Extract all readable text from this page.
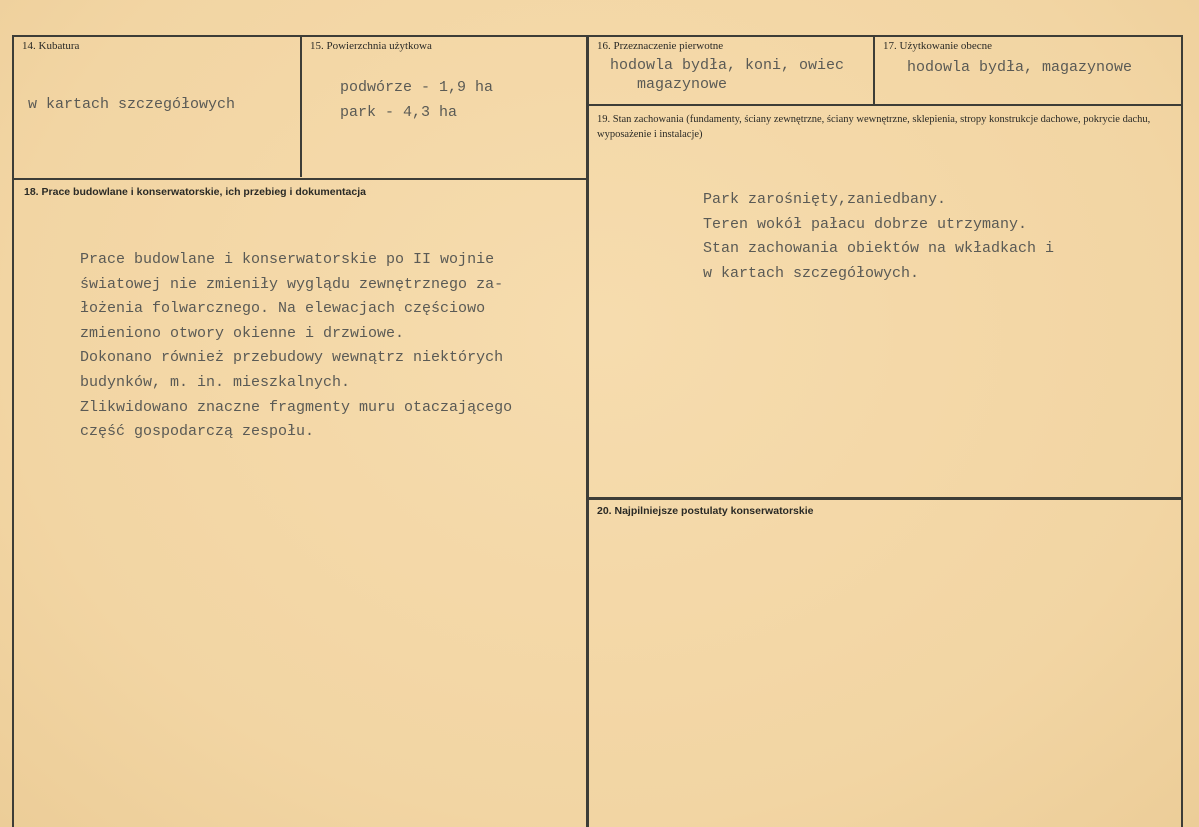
14. Kubatura
w kartach szczegółowych
15. Powierzchnia użytkowa
podwórze - 1,9 ha
park - 4,3 ha
16. Przeznaczenie pierwotne
hodowla bydła, koni, owiec
magazynowe
17. Użytkowanie obecne
hodowla bydła, magazynowe
18. Prace budowlane i konserwatorskie, ich przebieg i dokumentacja
Prace budowlane i konserwatorskie po II wojnie
światowej nie zmieniły wyglądu zewnętrznego za-
łożenia folwarcznego. Na elewacjach częściowo
zmieniono otwory okienne i drzwiowe.
Dokonano również przebudowy wewnątrz niektórych
budynków, m. in. mieszkalnych.
Zlikwidowano znaczne fragmenty muru otaczającego
część gospodarczą zespołu.
19. Stan zachowania (fundamenty, ściany zewnętrzne, ściany wewnętrzne, sklepienia, stropy konstrukcje dachowe, pokrycie dachu, wyposażenie i instalacje)
Park zarośnięty,zaniedbany.
Teren wokół pałacu dobrze utrzymany.
Stan zachowania obiektów na wkładkach i
w kartach szczegółowych.
20. Najpilniejsze postulaty konserwatorskie
